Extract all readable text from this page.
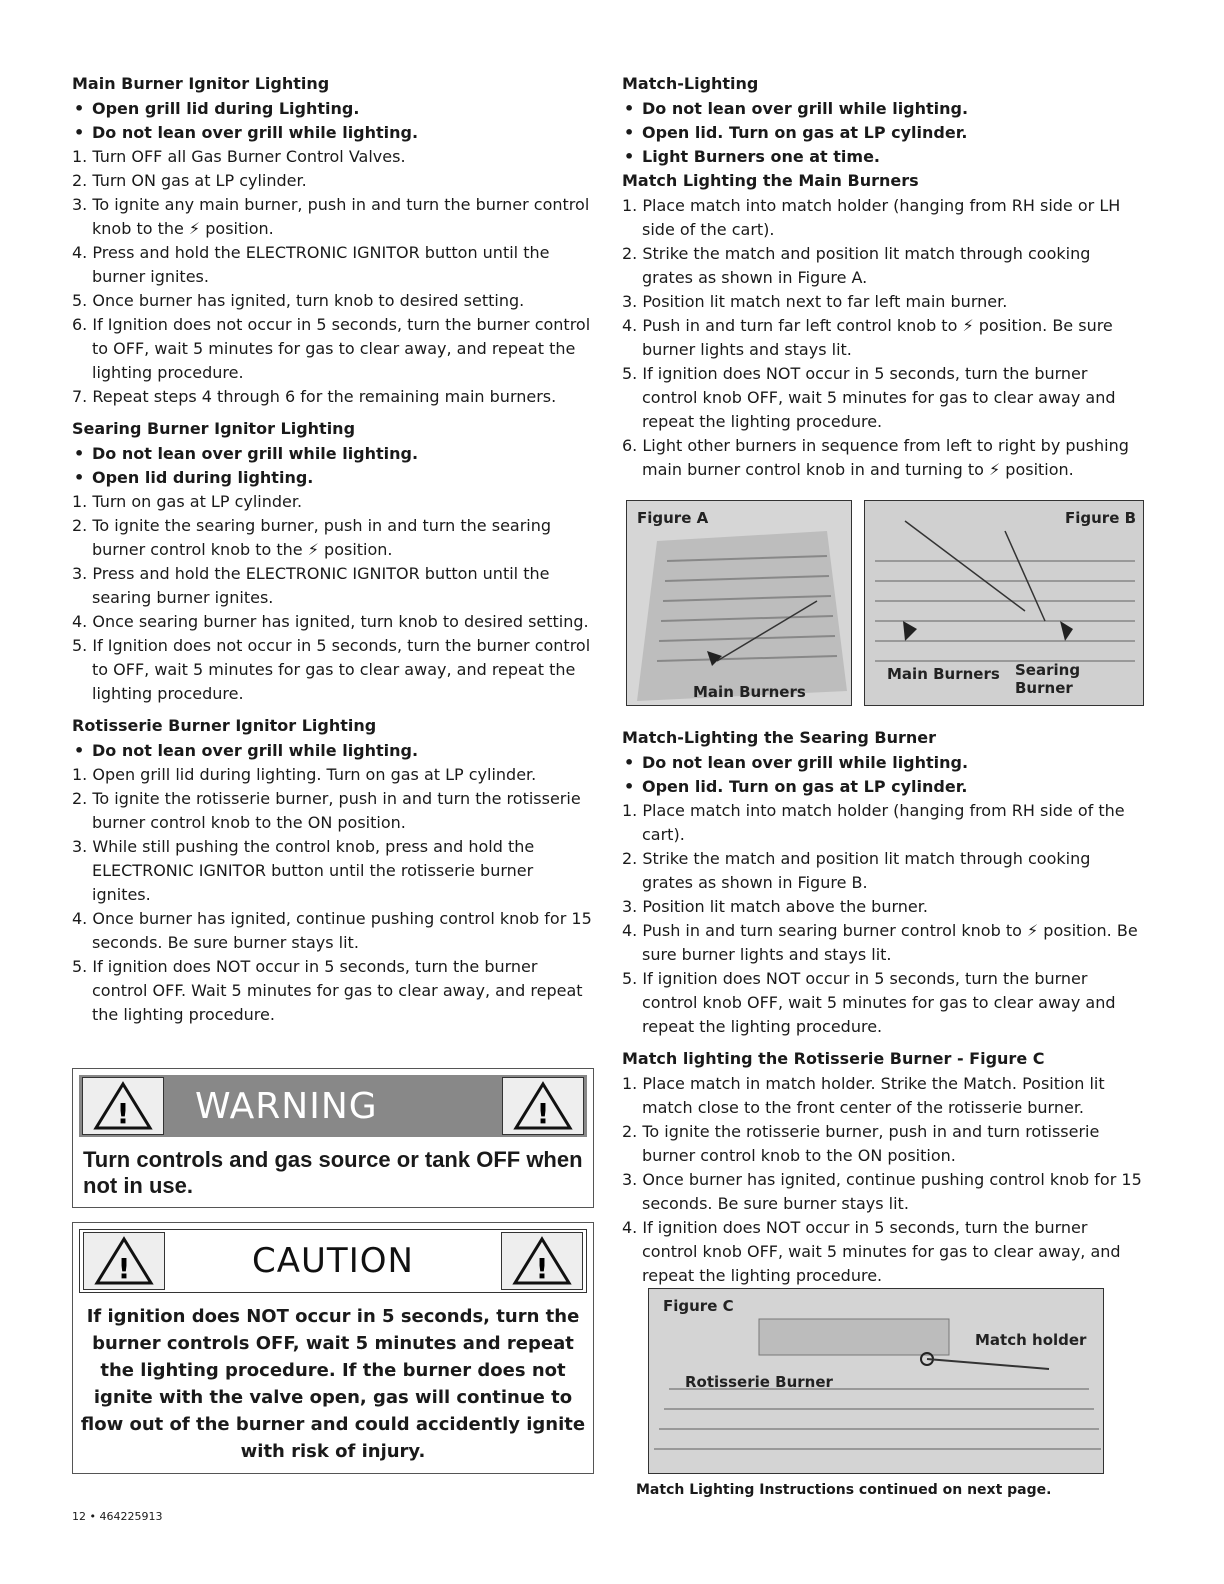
Main Burner Ignitor Lighting
• Open grill lid during Lighting.
• Do not lean over grill while lighting.
1. Turn OFF all Gas Burner Control Valves.
2. Turn ON gas at LP cylinder.
3. To ignite any main burner, push in and turn the burner control knob to the ⚡ position.
4. Press and hold the ELECTRONIC IGNITOR button until the burner ignites.
5. Once burner has ignited, turn knob to desired setting.
6. If Ignition does not occur in 5 seconds, turn the burner control to OFF, wait 5 minutes for gas to clear away, and repeat the lighting procedure.
7. Repeat steps 4 through 6 for the remaining main burners.
Searing Burner Ignitor Lighting
• Do not lean over grill while lighting.
• Open lid during lighting.
1. Turn on gas at LP cylinder.
2. To ignite the searing burner, push in and turn the searing burner control knob to the ⚡ position.
3. Press and hold the ELECTRONIC IGNITOR button until the searing burner ignites.
4. Once searing burner has ignited, turn knob to desired setting.
5. If Ignition does not occur in 5 seconds, turn the burner control to OFF, wait 5 minutes for gas to clear away, and repeat the lighting procedure.
Rotisserie Burner Ignitor Lighting
• Do not lean over grill while lighting.
1. Open grill lid during lighting. Turn on gas at LP cylinder.
2. To ignite the rotisserie burner, push in and turn the rotisserie burner control knob to the ON position.
3. While still pushing the control knob, press and hold the ELECTRONIC IGNITOR button until the rotisserie burner ignites.
4. Once burner has ignited, continue pushing control knob for 15 seconds. Be sure burner stays lit.
5. If ignition does NOT occur in 5 seconds, turn the burner control OFF. Wait 5 minutes for gas to clear away, and repeat the lighting procedure.
!	WARNING	!
Turn controls and gas source or tank OFF when not in use.
!	CAUTION	!
If ignition does NOT occur in 5 seconds, turn the burner controls OFF, wait 5 minutes and repeat the lighting procedure. If the burner does not ignite with the valve open, gas will continue to flow out of the burner and could accidently ignite with risk of injury.
Match-Lighting
• Do not lean over grill while lighting.
• Open lid. Turn on gas at LP cylinder.
• Light Burners one at time.
Match Lighting the Main Burners
1. Place match into match holder (hanging from RH side or LH side of the cart).
2. Strike the match and position lit match through cooking grates as shown in Figure A.
3. Position lit match next to far left main burner.
4. Push in and turn far left control knob to ⚡ position. Be sure burner lights and stays lit.
5. If ignition does NOT occur in 5 seconds, turn the burner control knob OFF, wait 5 minutes for gas to clear away and repeat the lighting procedure.
6. Light other burners in sequence from left to right by pushing main burner control knob in and turning to ⚡ position.
Figure A
Main Burners
Figure B
Main Burners Searing Burner
Match-Lighting the Searing Burner
• Do not lean over grill while lighting.
• Open lid. Turn on gas at LP cylinder.
1. Place match into match holder (hanging from RH side of the cart).
2. Strike the match and position lit match through cooking grates as shown in Figure B.
3. Position lit match above the burner.
4. Push in and turn searing burner control knob to ⚡ position. Be sure burner lights and stays lit.
5. If ignition does NOT occur in 5 seconds, turn the burner control knob OFF, wait 5 minutes for gas to clear away and repeat the lighting procedure.
Match lighting the Rotisserie Burner - Figure C
1. Place match in match holder. Strike the Match. Position lit match close to the front center of the rotisserie burner.
2. To ignite the rotisserie burner, push in and turn rotisserie burner control knob to the ON position.
3. Once burner has ignited, continue pushing control knob for 15 seconds. Be sure burner stays lit.
4. If ignition does NOT occur in 5 seconds, turn the burner control knob OFF, wait 5 minutes for gas to clear away, and repeat the lighting procedure.
Figure C
Match holder
Rotisserie Burner
Match Lighting Instructions continued on next page.
12 • 464225913
